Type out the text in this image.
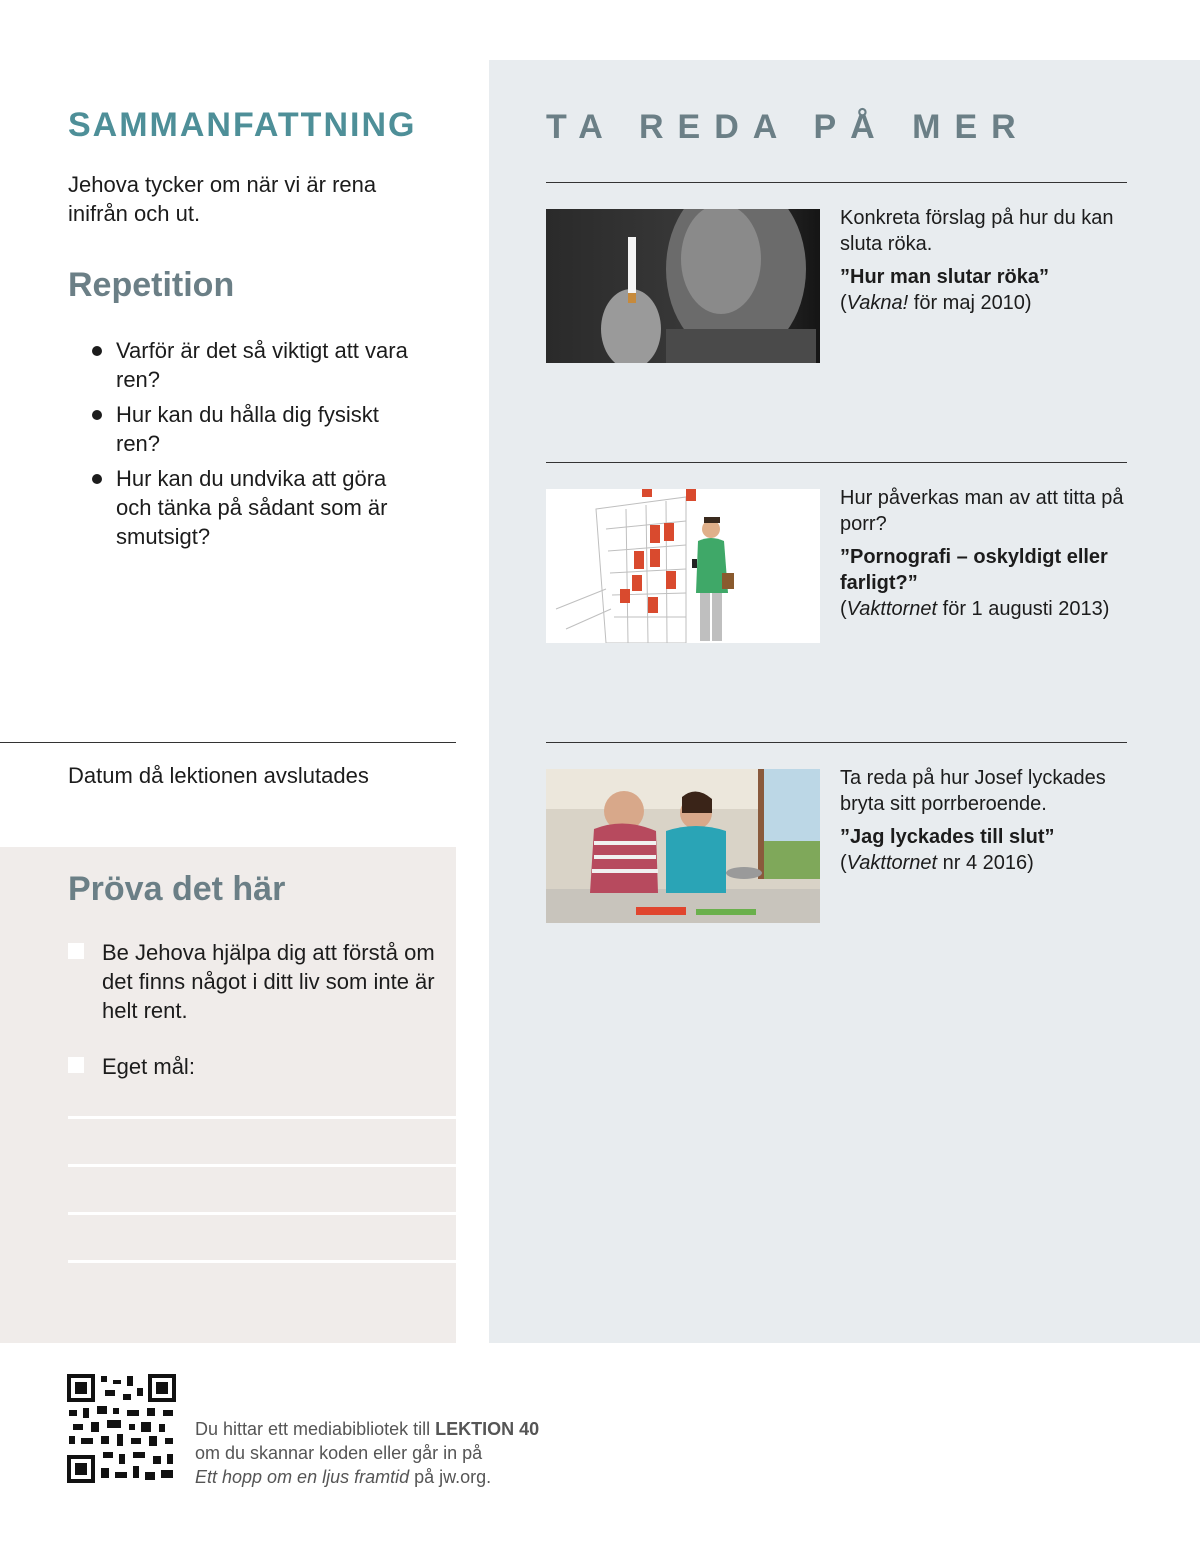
SAMMANFATTNING

Jehova tycker om när vi är rena inifrån och ut.

Repetition
Varför är det så viktigt att vara ren?
Hur kan du hålla dig fysiskt ren?
Hur kan du undvika att göra och tänka på sådant som är smutsigt?
Datum då lektionen avslutades
Pröva det här
Be Jehova hjälpa dig att förstå om det finns något i ditt liv som inte är helt rent.
Eget mål:
TA REDA PÅ MER
Konkreta förslag på hur du kan sluta röka.
”Hur man slutar röka”
(Vakna! för maj 2010)
Hur påverkas man av att titta på porr?
”Pornografi – oskyldigt eller farligt?”
(Vakttornet för 1 augusti 2013)
Ta reda på hur Josef lyckades bryta sitt porrberoende.
”Jag lyckades till slut”
(Vakttornet nr 4 2016)
Du hittar ett mediabibliotek till LEKTION 40
om du skannar koden eller går in på
Ett hopp om en ljus framtid på jw.org.
